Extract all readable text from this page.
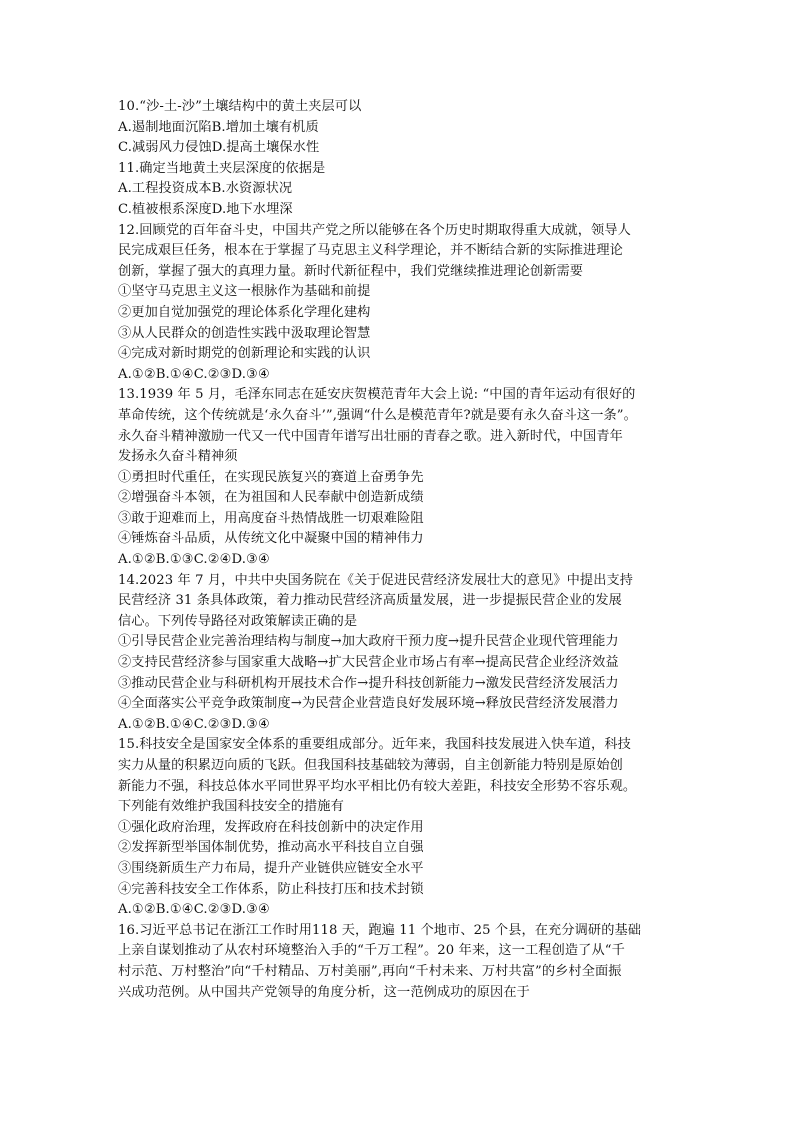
10.“沙-土-沙”土壤结构中的黄土夹层可以
A.遏制地面沉陷B.增加土壤有机质
C.减弱风力侵蚀D.提高土壤保水性
11.确定当地黄土夹层深度的依据是
A.工程投资成本B.水资源状况
C.植被根系深度D.地下水埋深
12.回顾党的百年奋斗史，中国共产党之所以能够在各个历史时期取得重大成就，领导人
民完成艰巨任务，根本在于掌握了马克思主义科学理论，并不断结合新的实际推进理论
创新，掌握了强大的真理力量。新时代新征程中，我们党继续推进理论创新需要
①坚守马克思主义这一根脉作为基础和前提
②更加自觉加强党的理论体系化学理化建构
③从人民群众的创造性实践中汲取理论智慧
④完成对新时期党的创新理论和实践的认识
A.①②B.①④C.②③D.③④
13.1939 年 5 月，毛泽东同志在延安庆贺模范青年大会上说: “中国的青年运动有很好的
革命传统，这个传统就是‘永久奋斗’”,强调“什么是模范青年?就是要有永久奋斗这一条”。
永久奋斗精神激励一代又一代中国青年谱写出壮丽的青春之歌。进入新时代，中国青年
发扬永久奋斗精神须
①勇担时代重任，在实现民族复兴的赛道上奋勇争先
②增强奋斗本领，在为祖国和人民奉献中创造新成绩
③敢于迎难而上，用高度奋斗热情战胜一切艰难险阻
④锤炼奋斗品质，从传统文化中凝聚中国的精神伟力
A.①②B.①③C.②④D.③④
14.2023 年 7 月，中共中央国务院在《关于促进民营经济发展壮大的意见》中提出支持
民营经济 31 条具体政策，着力推动民营经济高质量发展，进一步提振民营企业的发展
信心。下列传导路径对政策解读正确的是
①引导民营企业完善治理结构与制度→加大政府干预力度→提升民营企业现代管理能力
②支持民营经济参与国家重大战略→扩大民营企业市场占有率→提高民营企业经济效益
③推动民营企业与科研机构开展技术合作→提升科技创新能力→激发民营经济发展活力
④全面落实公平竞争政策制度→为民营企业营造良好发展环境→释放民营经济发展潜力
A.①②B.①④C.②③D.③④
15.科技安全是国家安全体系的重要组成部分。近年来，我国科技发展进入快车道，科技
实力从量的积累迈向质的飞跃。但我国科技基础较为薄弱，自主创新能力特别是原始创
新能力不强，科技总体水平同世界平均水平相比仍有较大差距，科技安全形势不容乐观。
下列能有效维护我国科技安全的措施有
①强化政府治理，发挥政府在科技创新中的决定作用
②发挥新型举国体制优势，推动高水平科技自立自强
③围绕新质生产力布局，提升产业链供应链安全水平
④完善科技安全工作体系，防止科技打压和技术封锁
A.①②B.①④C.②③D.③④
16.习近平总书记在浙江工作时用118 天，跑遍 11 个地市、25 个县，在充分调研的基础
上亲自谋划推动了从农村环境整治入手的“千万工程”。20 年来，这一工程创造了从“千
村示范、万村整治”向“千村精品、万村美丽”,再向“千村未来、万村共富”的乡村全面振
兴成功范例。从中国共产党领导的角度分析，这一范例成功的原因在于
